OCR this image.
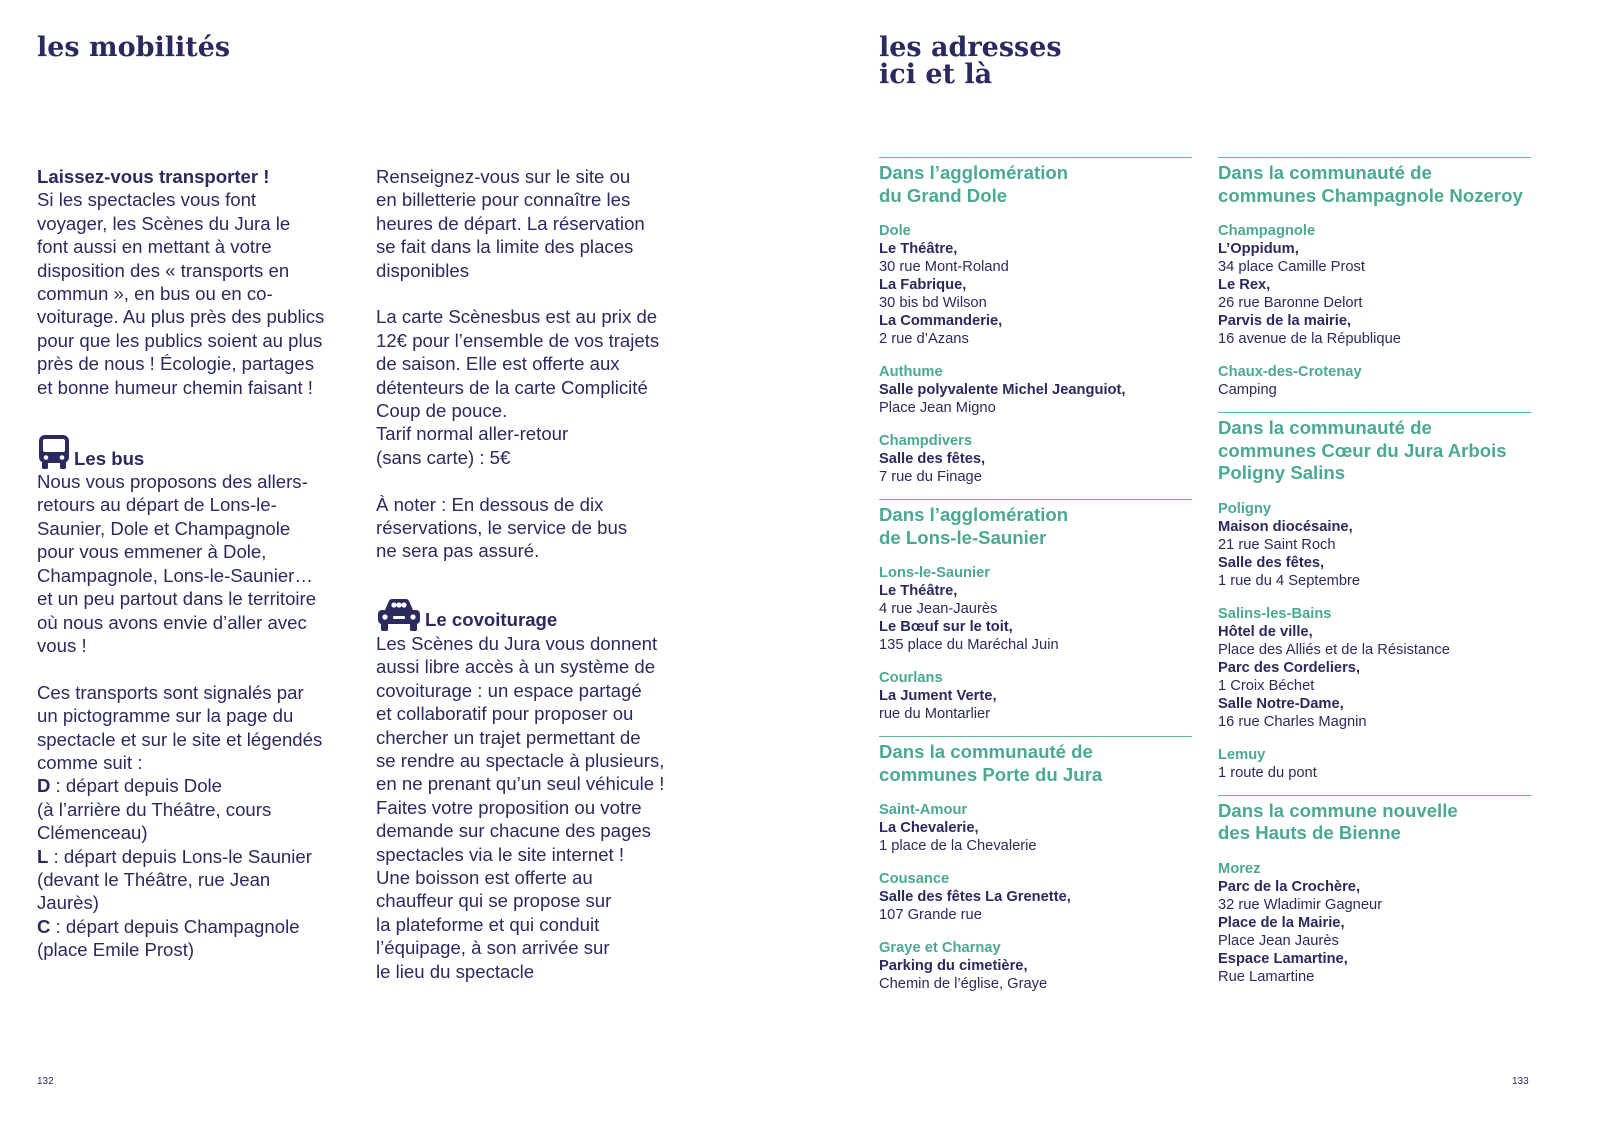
les mobilités	les adresses
ici et là

Laissez-vous transporter !

Si les spectacles vous font

voyager, les Scènes du Jura le

font aussi en mettant à votre

disposition des « transports en

commun », en bus ou en co-

voiturage. Au plus près des publics

pour que les publics soient au plus

près de nous ! Écologie, partages

et bonne humeur chemin faisant !

Les bus

Nous vous proposons des allers-

retours au départ de Lons-le-

Saunier, Dole et Champagnole

pour vous emmener à Dole,

Champagnole, Lons-le-Saunier…

et un peu partout dans le territoire

où nous avons envie d’aller avec

vous !

Ces transports sont signalés par

un pictogramme sur la page du

spectacle et sur le site et légendés

comme suit :

D : départ depuis Dole

(à l’arrière du Théâtre, cours

Clémenceau)

L : départ depuis Lons-le Saunier

(devant le Théâtre, rue Jean

Jaurès)

C : départ depuis Champagnole

(place Emile Prost)

Renseignez-vous sur le site ou

en billetterie pour connaître les

heures de départ. La réservation

se fait dans la limite des places

disponibles

La carte Scènesbus est au prix de

12€ pour l’ensemble de vos trajets

de saison. Elle est offerte aux

détenteurs de la carte Complicité

Coup de pouce.

Tarif normal aller-retour

(sans carte) : 5€

À noter : En dessous de dix

réservations, le service de bus

ne sera pas assuré.

Le covoiturage

Les Scènes du Jura vous donnent

aussi libre accès à un système de

covoiturage : un espace partagé

et collaboratif pour proposer ou

chercher un trajet permettant de

se rendre au spectacle à plusieurs,

en ne prenant qu’un seul véhicule !

Faites votre proposition ou votre

demande sur chacune des pages

spectacles via le site internet !

Une boisson est offerte au

chauffeur qui se propose sur

la plateforme et qui conduit

l’équipage, à son arrivée sur

le lieu du spectacle

Dans l’agglomération
du Grand Dole

Dole

Le Théâtre,

30 rue Mont-Roland

La Fabrique,

30 bis bd Wilson

La Commanderie,

2 rue d’Azans

Authume

Salle polyvalente Michel Jeanguiot,

Place Jean Migno

Champdivers

Salle des fêtes,

7 rue du Finage

Dans l’agglomération
de Lons-le-Saunier

Lons-le-Saunier

Le Théâtre,

4 rue Jean-Jaurès

Le Bœuf sur le toit,

135 place du Maréchal Juin

Courlans

La Jument Verte,

rue du Montarlier

Dans la communauté de
communes Porte du Jura

Saint-Amour

La Chevalerie,

1 place de la Chevalerie

Cousance

Salle des fêtes La Grenette,

107 Grande rue

Graye et Charnay

Parking du cimetière,

Chemin de l’église, Graye

Dans la communauté de
communes Champagnole Nozeroy

Champagnole

L’Oppidum,

34 place Camille Prost

Le Rex,

26 rue Baronne Delort

Parvis de la mairie,

16 avenue de la République

Chaux-des-Crotenay

Camping

Dans la communauté de
communes Cœur du Jura Arbois
Poligny Salins

Poligny

Maison diocésaine,

21 rue Saint Roch

Salle des fêtes,

1 rue du 4 Septembre

Salins-les-Bains

Hôtel de ville,

Place des Alliés et de la Résistance

Parc des Cordeliers,

1 Croix Béchet

Salle Notre-Dame,

16 rue Charles Magnin

Lemuy

1 route du pont

Dans la commune nouvelle
des Hauts de Bienne

Morez

Parc de la Crochère,

32 rue Wladimir Gagneur

Place de la Mairie,

Place Jean Jaurès

Espace Lamartine,

Rue Lamartine

132	133
